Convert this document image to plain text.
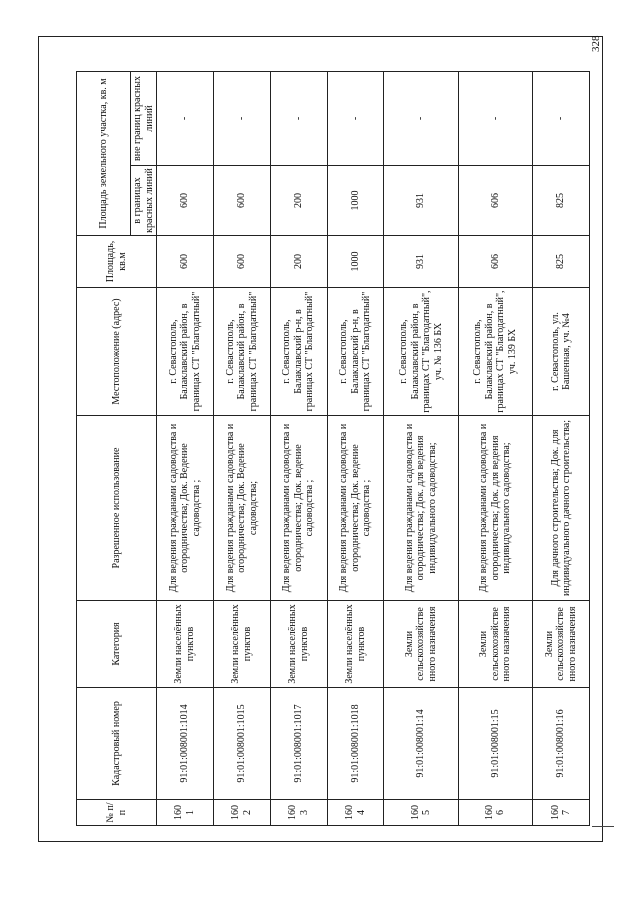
328
№ п/п	Кадастровый номер	Категория	Разрешенное использование	Местоположение (адрес)	Площадь, кв.м	Площадь земельного участка, кв. м	
						в границах красных линий	вне границ красных линий
160 1	91:01:008001:1014	Земли населённых пунктов	Для ведения гражданами садоводства и огородничества; Док. Ведение садоводства ;	г. Севастополь, Балаклавский район, в границах СТ "Благодатный"	600	600	-
160 2	91:01:008001:1015	Земли населённых пунктов	Для ведения гражданами садоводства и огородничества; Док. Ведение садоводства;	г. Севастополь, Балаклавский район, в границах СТ "Благодатный"	600	600	-
160 3	91:01:008001:1017	Земли населённых пунктов	Для ведения гражданами садоводства и огородничества; Док. ведение садоводства ;	г. Севастополь, Балаклавский р-н, в границах СТ "Благодатный"	200	200	-
160 4	91:01:008001:1018	Земли населённых пунктов	Для ведения гражданами садоводства и огородничества; Док. ведение садоводства ;	г. Севастополь, Балаклавский р-н, в границах СТ "Благодатный"	1000	1000	-
160 5	91:01:008001:14	Земли сельскохозяйстве нного назначения	Для ведения гражданами садоводства и огородничества; Док. для ведения индивидуального садоводства;	г. Севастополь, Балаклавский район, в границах СТ "Благодатный", уч. № 136 БХ	931	931	-
160 6	91:01:008001:15	Земли сельскохозяйстве нного назначения	Для ведения гражданами садоводства и огородничества; Док. для ведения индивидуального садоводства;	г. Севастополь, Балаклавский район, в границах СТ "Благодатный", уч. 139 БХ	606	606	-
160 7	91:01:008001:16	Земли сельскохозяйстве нного назначения	Для дачного строительства; Док. для индивидуального дачного строительства;	г. Севастополь, ул. Башенная, уч. №4	825	825	-
